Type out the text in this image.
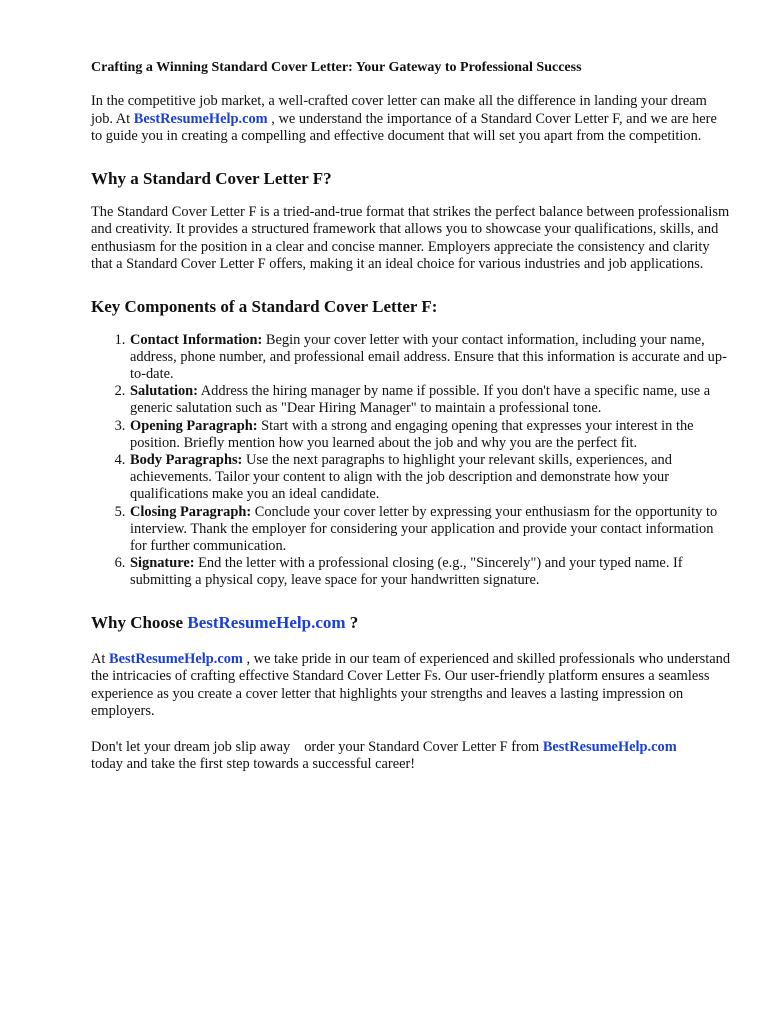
Crafting a Winning Standard Cover Letter: Your Gateway to Professional Success

In the competitive job market, a well-crafted cover letter can make all the difference in landing your dream job. At BestResumeHelp.com , we understand the importance of a Standard Cover Letter F, and we are here to guide you in creating a compelling and effective document that will set you apart from the competition.

Why a Standard Cover Letter F?

The Standard Cover Letter F is a tried-and-true format that strikes the perfect balance between professionalism and creativity. It provides a structured framework that allows you to showcase your qualifications, skills, and enthusiasm for the position in a clear and concise manner. Employers appreciate the consistency and clarity that a Standard Cover Letter F offers, making it an ideal choice for various industries and job applications.

Key Components of a Standard Cover Letter F:
1. Contact Information: Begin your cover letter with your contact information, including your name, address, phone number, and professional email address. Ensure that this information is accurate and up-to-date.
2. Salutation: Address the hiring manager by name if possible. If you don't have a specific name, use a generic salutation such as "Dear Hiring Manager" to maintain a professional tone.
3. Opening Paragraph: Start with a strong and engaging opening that expresses your interest in the position. Briefly mention how you learned about the job and why you are the perfect fit.
4. Body Paragraphs: Use the next paragraphs to highlight your relevant skills, experiences, and achievements. Tailor your content to align with the job description and demonstrate how your qualifications make you an ideal candidate.
5. Closing Paragraph: Conclude your cover letter by expressing your enthusiasm for the opportunity to interview. Thank the employer for considering your application and provide your contact information for further communication.
6. Signature: End the letter with a professional closing (e.g., "Sincerely") and your typed name. If submitting a physical copy, leave space for your handwritten signature.
Why Choose BestResumeHelp.com ?

At BestResumeHelp.com , we take pride in our team of experienced and skilled professionals who understand the intricacies of crafting effective Standard Cover Letter Fs. Our user-friendly platform ensures a seamless experience as you create a cover letter that highlights your strengths and leaves a lasting impression on employers.

Don't let your dream job slip away order your Standard Cover Letter F from BestResumeHelp.com
today and take the first step towards a successful career!
